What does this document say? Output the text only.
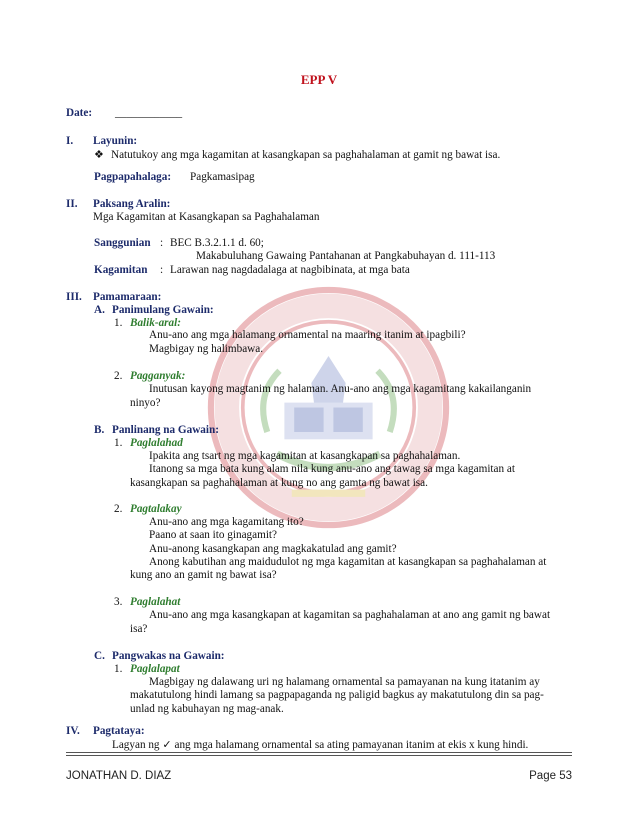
EPP V
Date: ____________
I. Layunin:
❖ Natutukoy ang mga kagamitan at kasangkapan sa paghahalaman at gamit ng bawat isa.
Pagpapahalaga: Pagkamasipag
II. Paksang Aralin:
Mga Kagamitan at Kasangkapan sa Paghahalaman
Sanggunian : BEC B.3.2.1.1 d. 60;
Makabuluhang Gawaing Pantahanan at Pangkabuhayan d. 111-113
Kagamitan : Larawan nag nagdadalaga at nagbibinata, at mga bata
III. Pamamaraan:
A. Panimulang Gawain:
1. Balik-aral:
Anu-ano ang mga halamang ornamental na maaring itanim at ipagbili?
Magbigay ng halimbawa.
2. Pagganyak:
Inutusan kayong magtanim ng halaman. Anu-ano ang mga kagamitang kakailanganin
ninyo?
B. Panlinang na Gawain:
1. Paglalahad
Ipakita ang tsart ng mga kagamitan at kasangkapan sa paghahalaman.
Itanong sa mga bata kung alam nila kung anu-ano ang tawag sa mga kagamitan at
kasangkapan sa paghahalaman at kung no ang gamta ng bawat isa.
2. Pagtalakay
Anu-ano ang mga kagamitang ito?
Paano at saan ito ginagamit?
Anu-anong kasangkapan ang magkakatulad ang gamit?
Anong kabutihan ang maidudulot ng mga kagamitan at kasangkapan sa paghahalaman at
kung ano an gamit ng bawat isa?
3. Paglalahat
Anu-ano ang mga kasangkapan at kagamitan sa paghahalaman at ano ang gamit ng bawat
isa?
C. Pangwakas na Gawain:
1. Paglalapat
Magbigay ng dalawang uri ng halamang ornamental sa pamayanan na kung itatanim ay
makatutulong hindi lamang sa pagpapaganda ng paligid bagkus ay makatutulong din sa pag-
unlad ng kabuhayan ng mag-anak.
IV. Pagtataya:
Lagyan ng ✓ ang mga halamang ornamental sa ating pamayanan itanim at ekis x kung hindi.
JONATHAN D. DIAZ	Page 53
